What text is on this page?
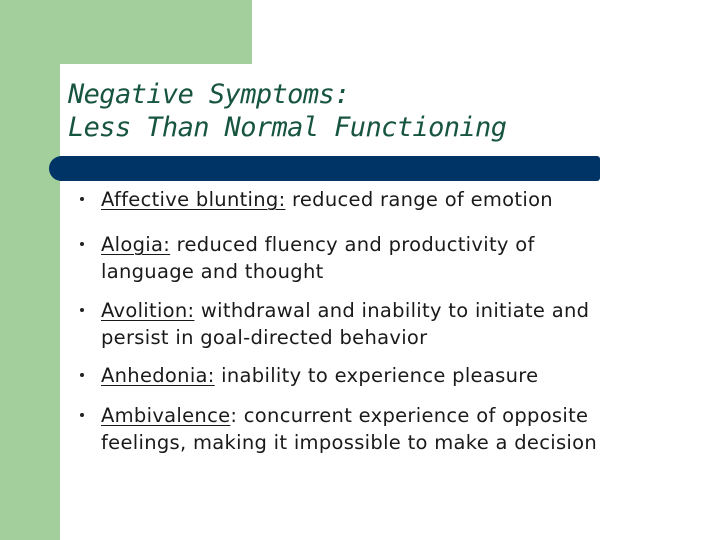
Negative Symptoms:
Less Than Normal Functioning
Affective blunting: reduced range of emotion
Alogia: reduced fluency and productivity of
language and thought
Avolition: withdrawal and inability to initiate and
persist in goal-directed behavior
Anhedonia: inability to experience pleasure
Ambivalence: concurrent experience of opposite
feelings, making it impossible to make a decision
